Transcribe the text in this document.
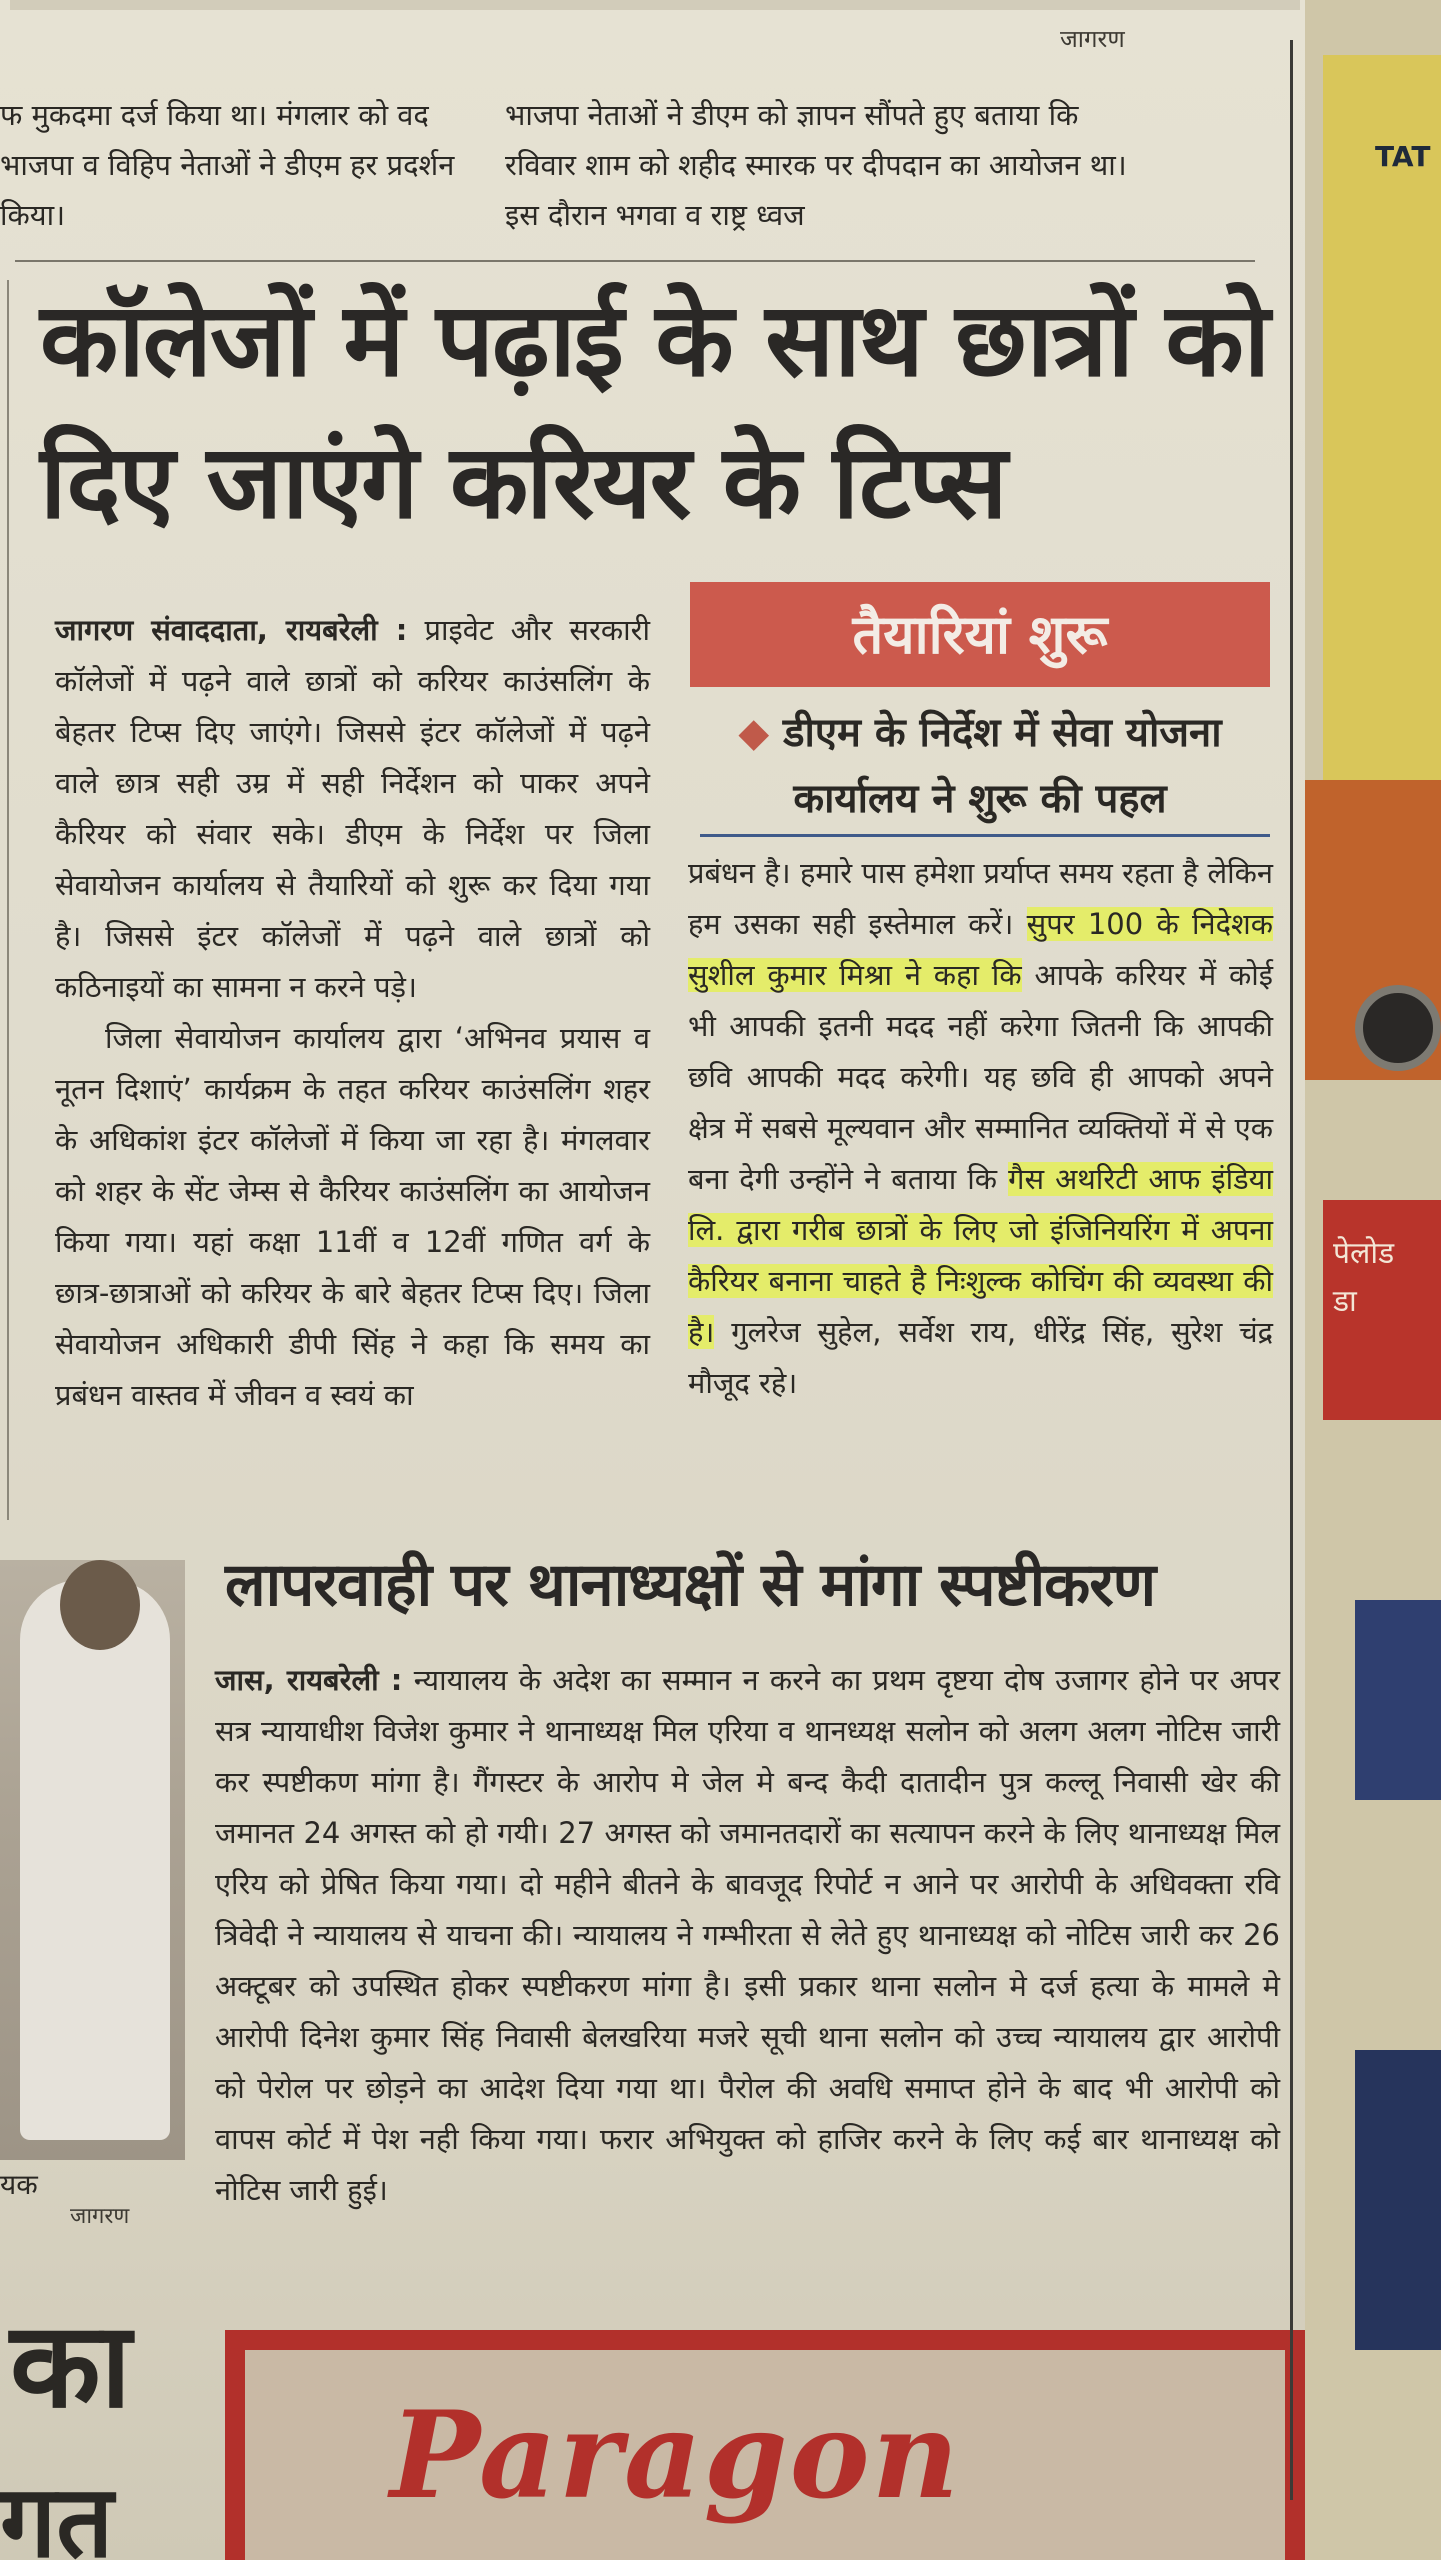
जागरण
फ मुकदमा दर्ज किया था। मंगलार को वद भाजपा व विहिप नेताओं ने डीएम हर प्रदर्शन किया।
भाजपा नेताओं ने डीएम को ज्ञापन सौंपते हुए बताया कि रविवार शाम को शहीद स्मारक पर दीपदान का आयोजन था। इस दौरान भगवा व राष्ट्र ध्वज
कॉलेजों में पढ़ाई के साथ छात्रों को दिए जाएंगे करियर के टिप्स

जागरण संवाददाता, रायबरेली : प्राइवेट और सरकारी कॉलेजों में पढ़ने वाले छात्रों को करियर काउंसलिंग के बेहतर टिप्स दिए जाएंगे। जिससे इंटर कॉलेजों में पढ़ने वाले छात्र सही उम्र में सही निर्देशन को पाकर अपने कैरियर को संवार सके। डीएम के निर्देश पर जिला सेवायोजन कार्यालय से तैयारियों को शुरू कर दिया गया है। जिससे इंटर कॉलेजों में पढ़ने वाले छात्रों को कठिनाइयों का सामना न करने पड़े।

जिला सेवायोजन कार्यालय द्वारा ‘अभिनव प्रयास व नूतन दिशाएं’ कार्यक्रम के तहत करियर काउंसलिंग शहर के अधिकांश इंटर कॉलेजों में किया जा रहा है। मंगलवार को शहर के सेंट जेम्स से कैरियर काउंसलिंग का आयोजन किया गया। यहां कक्षा 11वीं व 12वीं गणित वर्ग के छात्र-छात्राओं को करियर के बारे बेहतर टिप्स दिए। जिला सेवायोजन अधिकारी डीपी सिंह ने कहा कि समय का प्रबंधन वास्तव में जीवन व स्वयं का

तैयारियां शुरू
◆ डीएम के निर्देश में सेवा योजना कार्यालय ने शुरू की पहल
प्रबंधन है। हमारे पास हमेशा प्रर्याप्त समय रहता है लेकिन हम उसका सही इस्तेमाल करें। सुपर 100 के निदेशक सुशील कुमार मिश्रा ने कहा कि आपके करियर में कोई भी आपकी इतनी मदद नहीं करेगा जितनी कि आपकी छवि आपकी मदद करेगी। यह छवि ही आपको अपने क्षेत्र में सबसे मूल्यवान और सम्मानित व्यक्तियों में से एक बना देगी उन्होंने ने बताया कि गैस अथरिटी आफ इंडिया लि. द्वारा गरीब छात्रों के लिए जो इंजिनियरिंग में अपना कैरियर बनाना चाहते है निःशुल्क कोचिंग की व्यवस्था की है। गुलरेज सुहेल, सर्वेश राय, धीरेंद्र सिंह, सुरेश चंद्र मौजूद रहे।
यक
जागरण
लापरवाही पर थानाध्यक्षों से मांगा स्पष्टीकरण
जास, रायबरेली : न्यायालय के अदेश का सम्मान न करने का प्रथम दृष्टया दोष उजागर होने पर अपर सत्र न्यायाधीश विजेश कुमार ने थानाध्यक्ष मिल एरिया व थानध्यक्ष सलोन को अलग अलग नोटिस जारी कर स्पष्टीकण मांगा है। गैंगस्टर के आरोप मे जेल मे बन्द कैदी दातादीन पुत्र कल्लू निवासी खेर की जमानत 24 अगस्त को हो गयी। 27 अगस्त को जमानतदारों का सत्यापन करने के लिए थानाध्यक्ष मिल एरिय को प्रेषित किया गया। दो महीने बीतने के बावजूद रिपोर्ट न आने पर आरोपी के अधिवक्ता रवि त्रिवेदी ने न्यायालय से याचना की। न्यायालय ने गम्भीरता से लेते हुए थानाध्यक्ष को नोटिस जारी कर 26 अक्टूबर को उपस्थित होकर स्पष्टीकरण मांगा है। इसी प्रकार थाना सलोन मे दर्ज हत्या के मामले मे आरोपी दिनेश कुमार सिंह निवासी बेलखरिया मजरे सूची थाना सलोन को उच्च न्यायालय द्वार आरोपी को पेरोल पर छोड़ने का आदेश दिया गया था। पैरोल की अवधि समाप्त होने के बाद भी आरोपी को वापस कोर्ट में पेश नही किया गया। फरार अभियुक्त को हाजिर करने के लिए कई बार थानाध्यक्ष को नोटिस जारी हुई।
का
गत Paragon
TAT
पेलोड
डा
